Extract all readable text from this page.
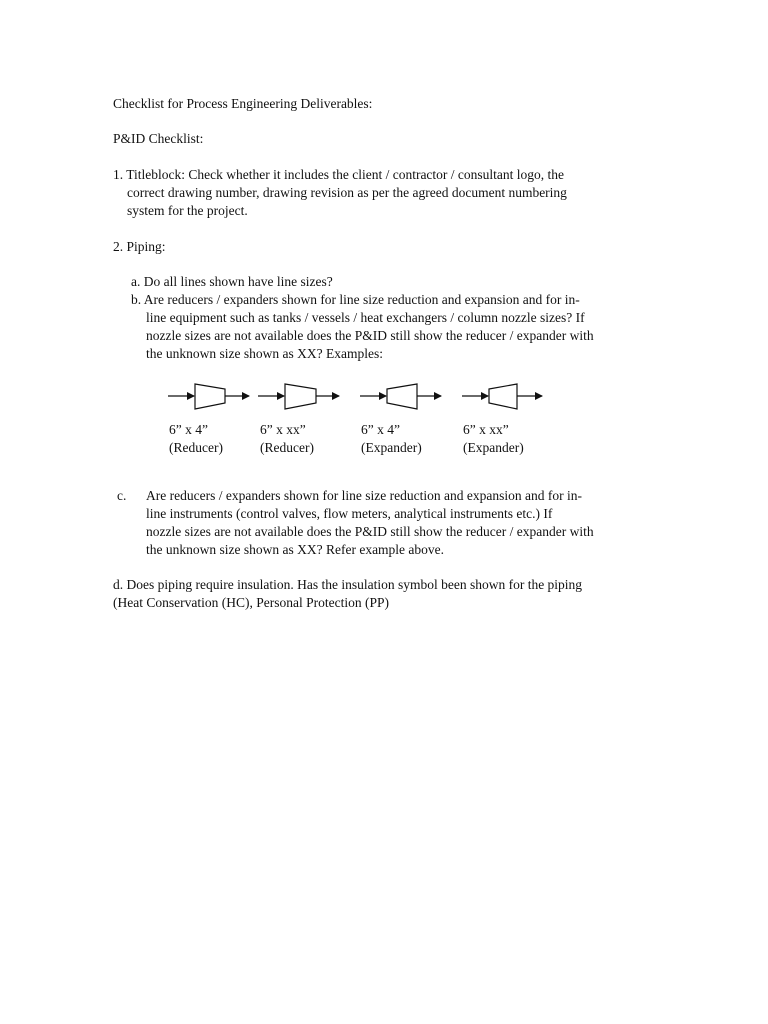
Checklist for Process Engineering Deliverables:
P&ID Checklist:
1. Titleblock: Check whether it includes the client / contractor / consultant logo, the
correct drawing number, drawing revision as per the agreed document numbering
system for the project.
2. Piping:
a. Do all lines shown have line sizes?
b. Are reducers / expanders shown for line size reduction and expansion and for in-
line equipment such as tanks / vessels / heat exchangers / column nozzle sizes? If
nozzle sizes are not available does the P&ID still show the reducer / expander with
the unknown size shown as XX? Examples:
6” x 4”
(Reducer)
6” x xx”
(Reducer)
6” x 4”
(Expander)
6” x xx”
(Expander)
c. Are reducers / expanders shown for line size reduction and expansion and for in-
line instruments (control valves, flow meters, analytical instruments etc.) If
nozzle sizes are not available does the P&ID still show the reducer / expander with
the unknown size shown as XX? Refer example above.
d. Does piping require insulation. Has the insulation symbol been shown for the piping
(Heat Conservation (HC), Personal Protection (PP)
